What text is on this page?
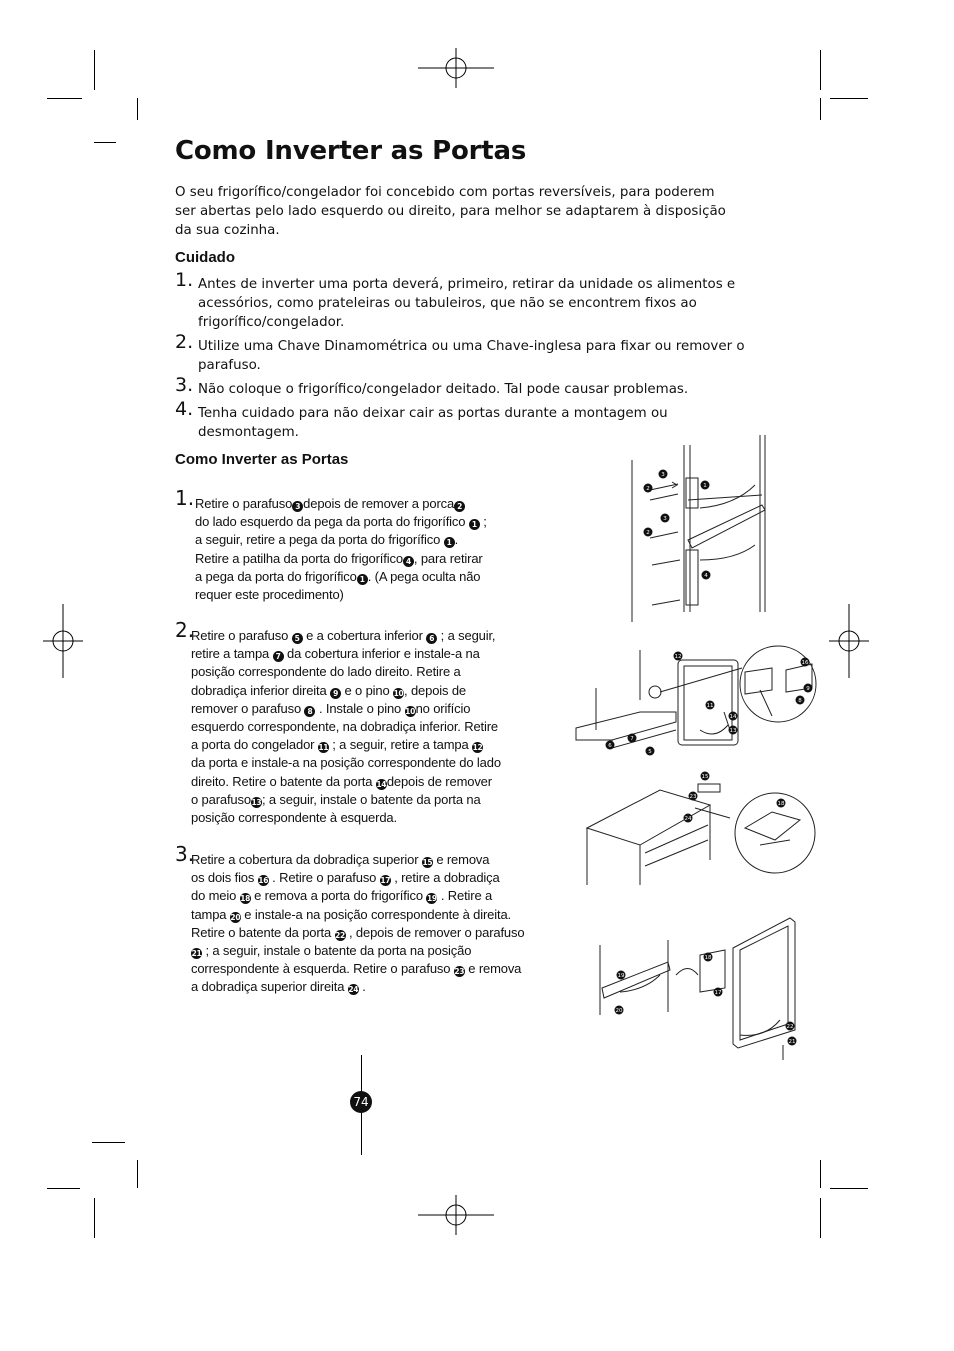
Como Inverter as Portas
O seu frigorífico/congelador foi concebido com portas reversíveis, para poderem ser abertas pelo lado esquerdo ou direito, para melhor se adaptarem à disposição da sua cozinha.
Cuidado
1. Antes de inverter uma porta deverá, primeiro, retirar da unidade os alimentos e acessórios, como prateleiras ou tabuleiros, que não se encontrem fixos ao frigorífico/congelador.
2. Utilize uma Chave Dinamométrica ou uma Chave-inglesa para fixar ou remover o parafuso.
3. Não coloque o frigorífico/congelador deitado. Tal pode causar problemas.
4. Tenha cuidado para não deixar cair as portas durante a montagem ou desmontagem.
Como Inverter as Portas
1. Retire o parafuso 3 depois de remover a porca 2
do lado esquerdo da pega da porta do frigorífico 1 ;
a seguir, retire a pega da porta do frigorífico 1 .
Retire a patilha da porta do frigorífico 4 , para retirar
a pega da porta do frigorífico 1 . (A pega oculta não
requer este procedimento)
2.
Retire o parafuso 5 e a cobertura inferior 6 ; a seguir,
retire a tampa 7 da cobertura inferior e instale-a na
posição correspondente do lado direito. Retire a
dobradiça inferior direita 9 e o pino 10, depois de
remover o parafuso 8 . Instale o pino 10no orifício
esquerdo correspondente, na dobradiça inferior. Retire
a porta do congelador 11 ; a seguir, retire a tampa 12
da porta e instale-a na posição correspondente do lado
direito. Retire o batente da porta 14depois de remover
o parafuso13; a seguir, instale o batente da porta na
posição correspondente à esquerda.
3.
Retire a cobertura da dobradiça superior 15 e remova
os dois fios 16 . Retire o parafuso 17 , retire a dobradiça
do meio 18 e remova a porta do frigorífico 19 . Retire a
tampa 20 e instale-a na posição correspondente à direita.
Retire o batente da porta 22 , depois de remover o parafuso
21 ; a seguir, instale o batente da porta na posição
correspondente à esquerda. Retire o parafuso 23 e remova
a dobradiça superior direita 24 .
3
2	1
3
2
4
12
16
9
8
7
11
14
13
6
5
15
23
24
18
19
18
17
20
22
21
74
